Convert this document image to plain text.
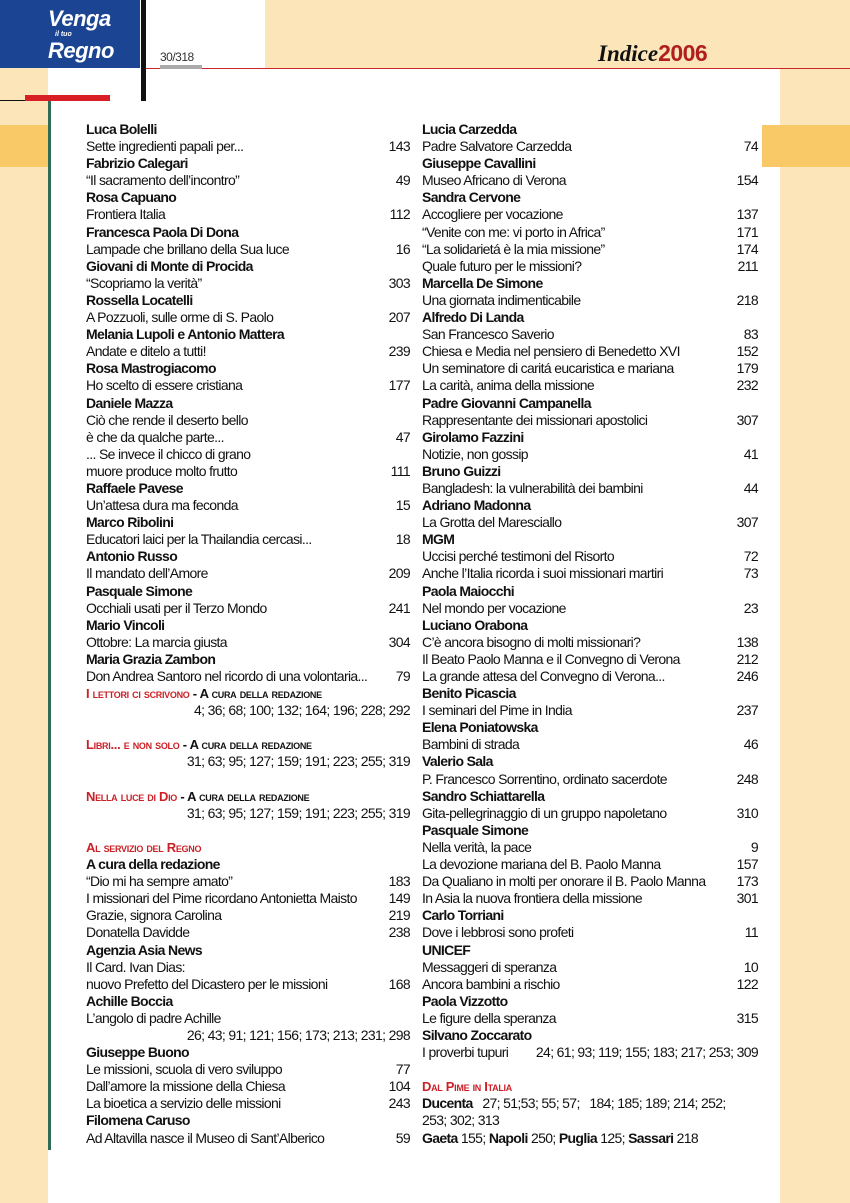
Venga
il tuo
Regno	30/318	Indice2006
Luca Bolelli
Sette ingredienti papali per...	143
Fabrizio Calegari
“Il sacramento dell’incontro”	49
Rosa Capuano
Frontiera Italia	112
Francesca Paola Di Dona
Lampade che brillano della Sua luce	16
Giovani di Monte di Procida
“Scopriamo la verità”	303
Rossella Locatelli
A Pozzuoli, sulle orme di S. Paolo	207
Melania Lupoli e Antonio Mattera
Andate e ditelo a tutti!	239
Rosa Mastrogiacomo
Ho scelto di essere cristiana	177
Daniele Mazza
Ciò che rende il deserto bello
è che da qualche parte...	47
... Se invece il chicco di grano
muore produce molto frutto	111
Raffaele Pavese
Un’attesa dura ma feconda	15
Marco Ribolini
Educatori laici per la Thailandia cercasi...	18
Antonio Russo
Il mandato dell’Amore	209
Pasquale Simone
Occhiali usati per il Terzo Mondo	241
Mario Vincoli
Ottobre: La marcia giusta	304
Maria Grazia Zambon
Don Andrea Santoro nel ricordo di una volontaria... 79
I lettori ci scrivono - A cura della redazione
4; 36; 68; 100; 132; 164; 196; 228; 292
Libri... e non solo - A cura della redazione
31; 63; 95; 127; 159; 191; 223; 255; 319
Nella luce di Dio - A cura della redazione
31; 63; 95; 127; 159; 191; 223; 255; 319
Al servizio del Regno
A cura della redazione
“Dio mi ha sempre amato”	183
I missionari del Pime ricordano Antonietta Maisto 149
Grazie, signora Carolina	219
Donatella Davidde	238
Agenzia Asia News
Il Card. Ivan Dias:
nuovo Prefetto del Dicastero per le missioni	168
Achille Boccia
L’angolo di padre Achille
26; 43; 91; 121; 156; 173; 213; 231; 298
Giuseppe Buono
Le missioni, scuola di vero sviluppo	77
Dall’amore la missione della Chiesa	104
La bioetica a servizio delle missioni	243
Filomena Caruso
Ad Altavilla nasce il Museo di Sant’Alberico	59
Lucia Carzedda
Padre Salvatore Carzedda	74
Giuseppe Cavallini
Museo Africano di Verona	154
Sandra Cervone
Accogliere per vocazione	137
“Venite con me: vi porto in Africa”	171
“La solidarietá è la mia missione”	174
Quale futuro per le missioni?	211
Marcella De Simone
Una giornata indimenticabile	218
Alfredo Di Landa
San Francesco Saverio	83
Chiesa e Media nel pensiero di Benedetto XVI	152
Un seminatore di caritá eucaristica e mariana	179
La carità, anima della missione	232
Padre Giovanni Campanella
Rappresentante dei missionari apostolici	307
Girolamo Fazzini
Notizie, non gossip	41
Bruno Guizzi
Bangladesh: la vulnerabilità dei bambini	44
Adriano Madonna
La Grotta del Maresciallo	307
MGM
Uccisi perché testimoni del Risorto	72
Anche l’Italia ricorda i suoi missionari martiri	73
Paola Maiocchi
Nel mondo per vocazione	23
Luciano Orabona
C’è ancora bisogno di molti missionari?	138
Il Beato Paolo Manna e il Convegno di Verona	212
La grande attesa del Convegno di Verona...	246
Benito Picascia
I seminari del Pime in India	237
Elena Poniatowska
Bambini di strada	46
Valerio Sala
P. Francesco Sorrentino, ordinato sacerdote	248
Sandro Schiattarella
Gita-pellegrinaggio di un gruppo napoletano	310
Pasquale Simone
Nella verità, la pace	9
La devozione mariana del B. Paolo Manna	157
Da Qualiano in molti per onorare il B. Paolo Manna 173
In Asia la nuova frontiera della missione	301
Carlo Torriani
Dove i lebbrosi sono profeti	11
UNICEF
Messaggeri di speranza	10
Ancora bambini a rischio	122
Paola Vizzotto
Le figure della speranza	315
Silvano Zoccarato
I proverbi tupuri 24; 61; 93; 119; 155; 183; 217; 253; 309
Dal Pime in Italia
Ducenta   27; 51;53; 55; 57;   184; 185; 189; 214; 252;
253; 302; 313
Gaeta 155; Napoli 250; Puglia 125; Sassari 218
